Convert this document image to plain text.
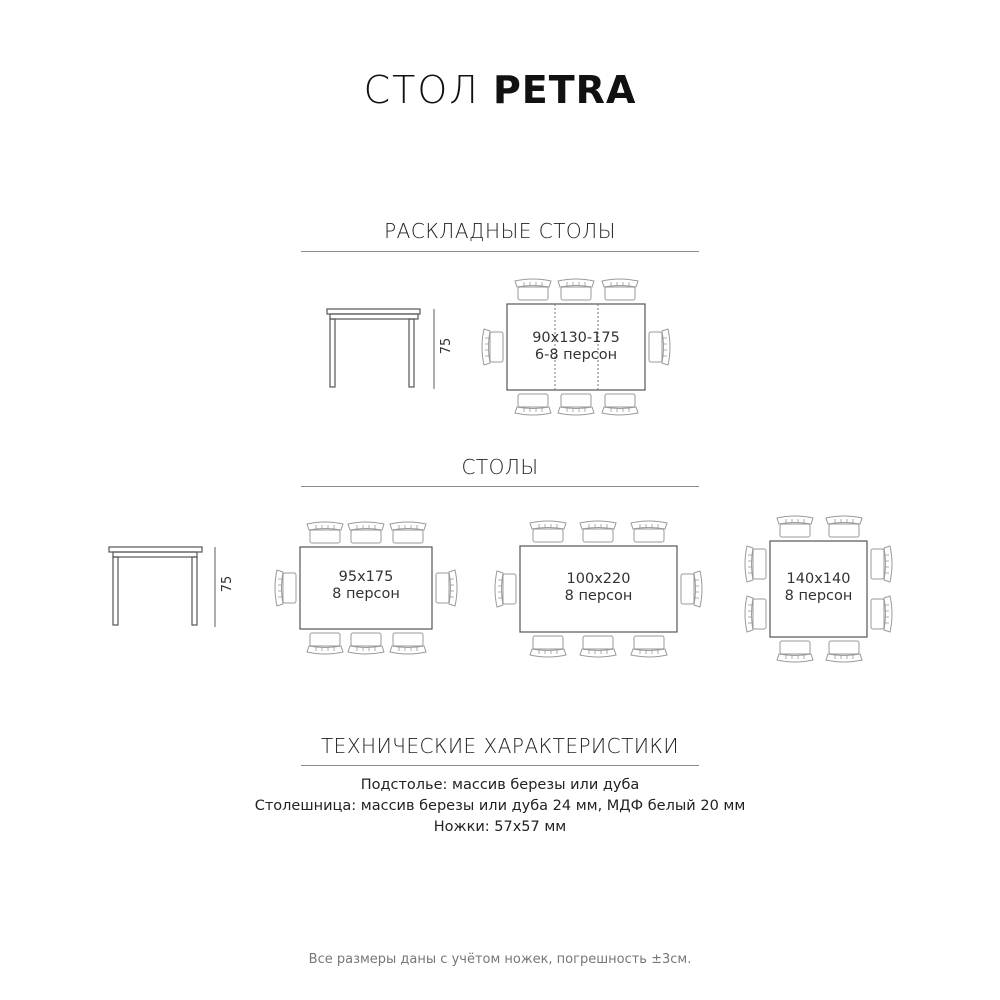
СТОЛ PETRA
РАСКЛАДНЫЕ СТОЛЫ
75	90x130-175
6-8 персон
СТОЛЫ
75	95x175
8 персон
100x220
8 персон
140x140
8 персон
ТЕХНИЧЕСКИЕ ХАРАКТЕРИСТИКИ
Подстолье: массив березы или дуба
Столешница: массив березы или дуба 24 мм, МДФ белый 20 мм
Ножки: 57x57 мм
Все размеры даны с учётом ножек, погрешность ±3см.
